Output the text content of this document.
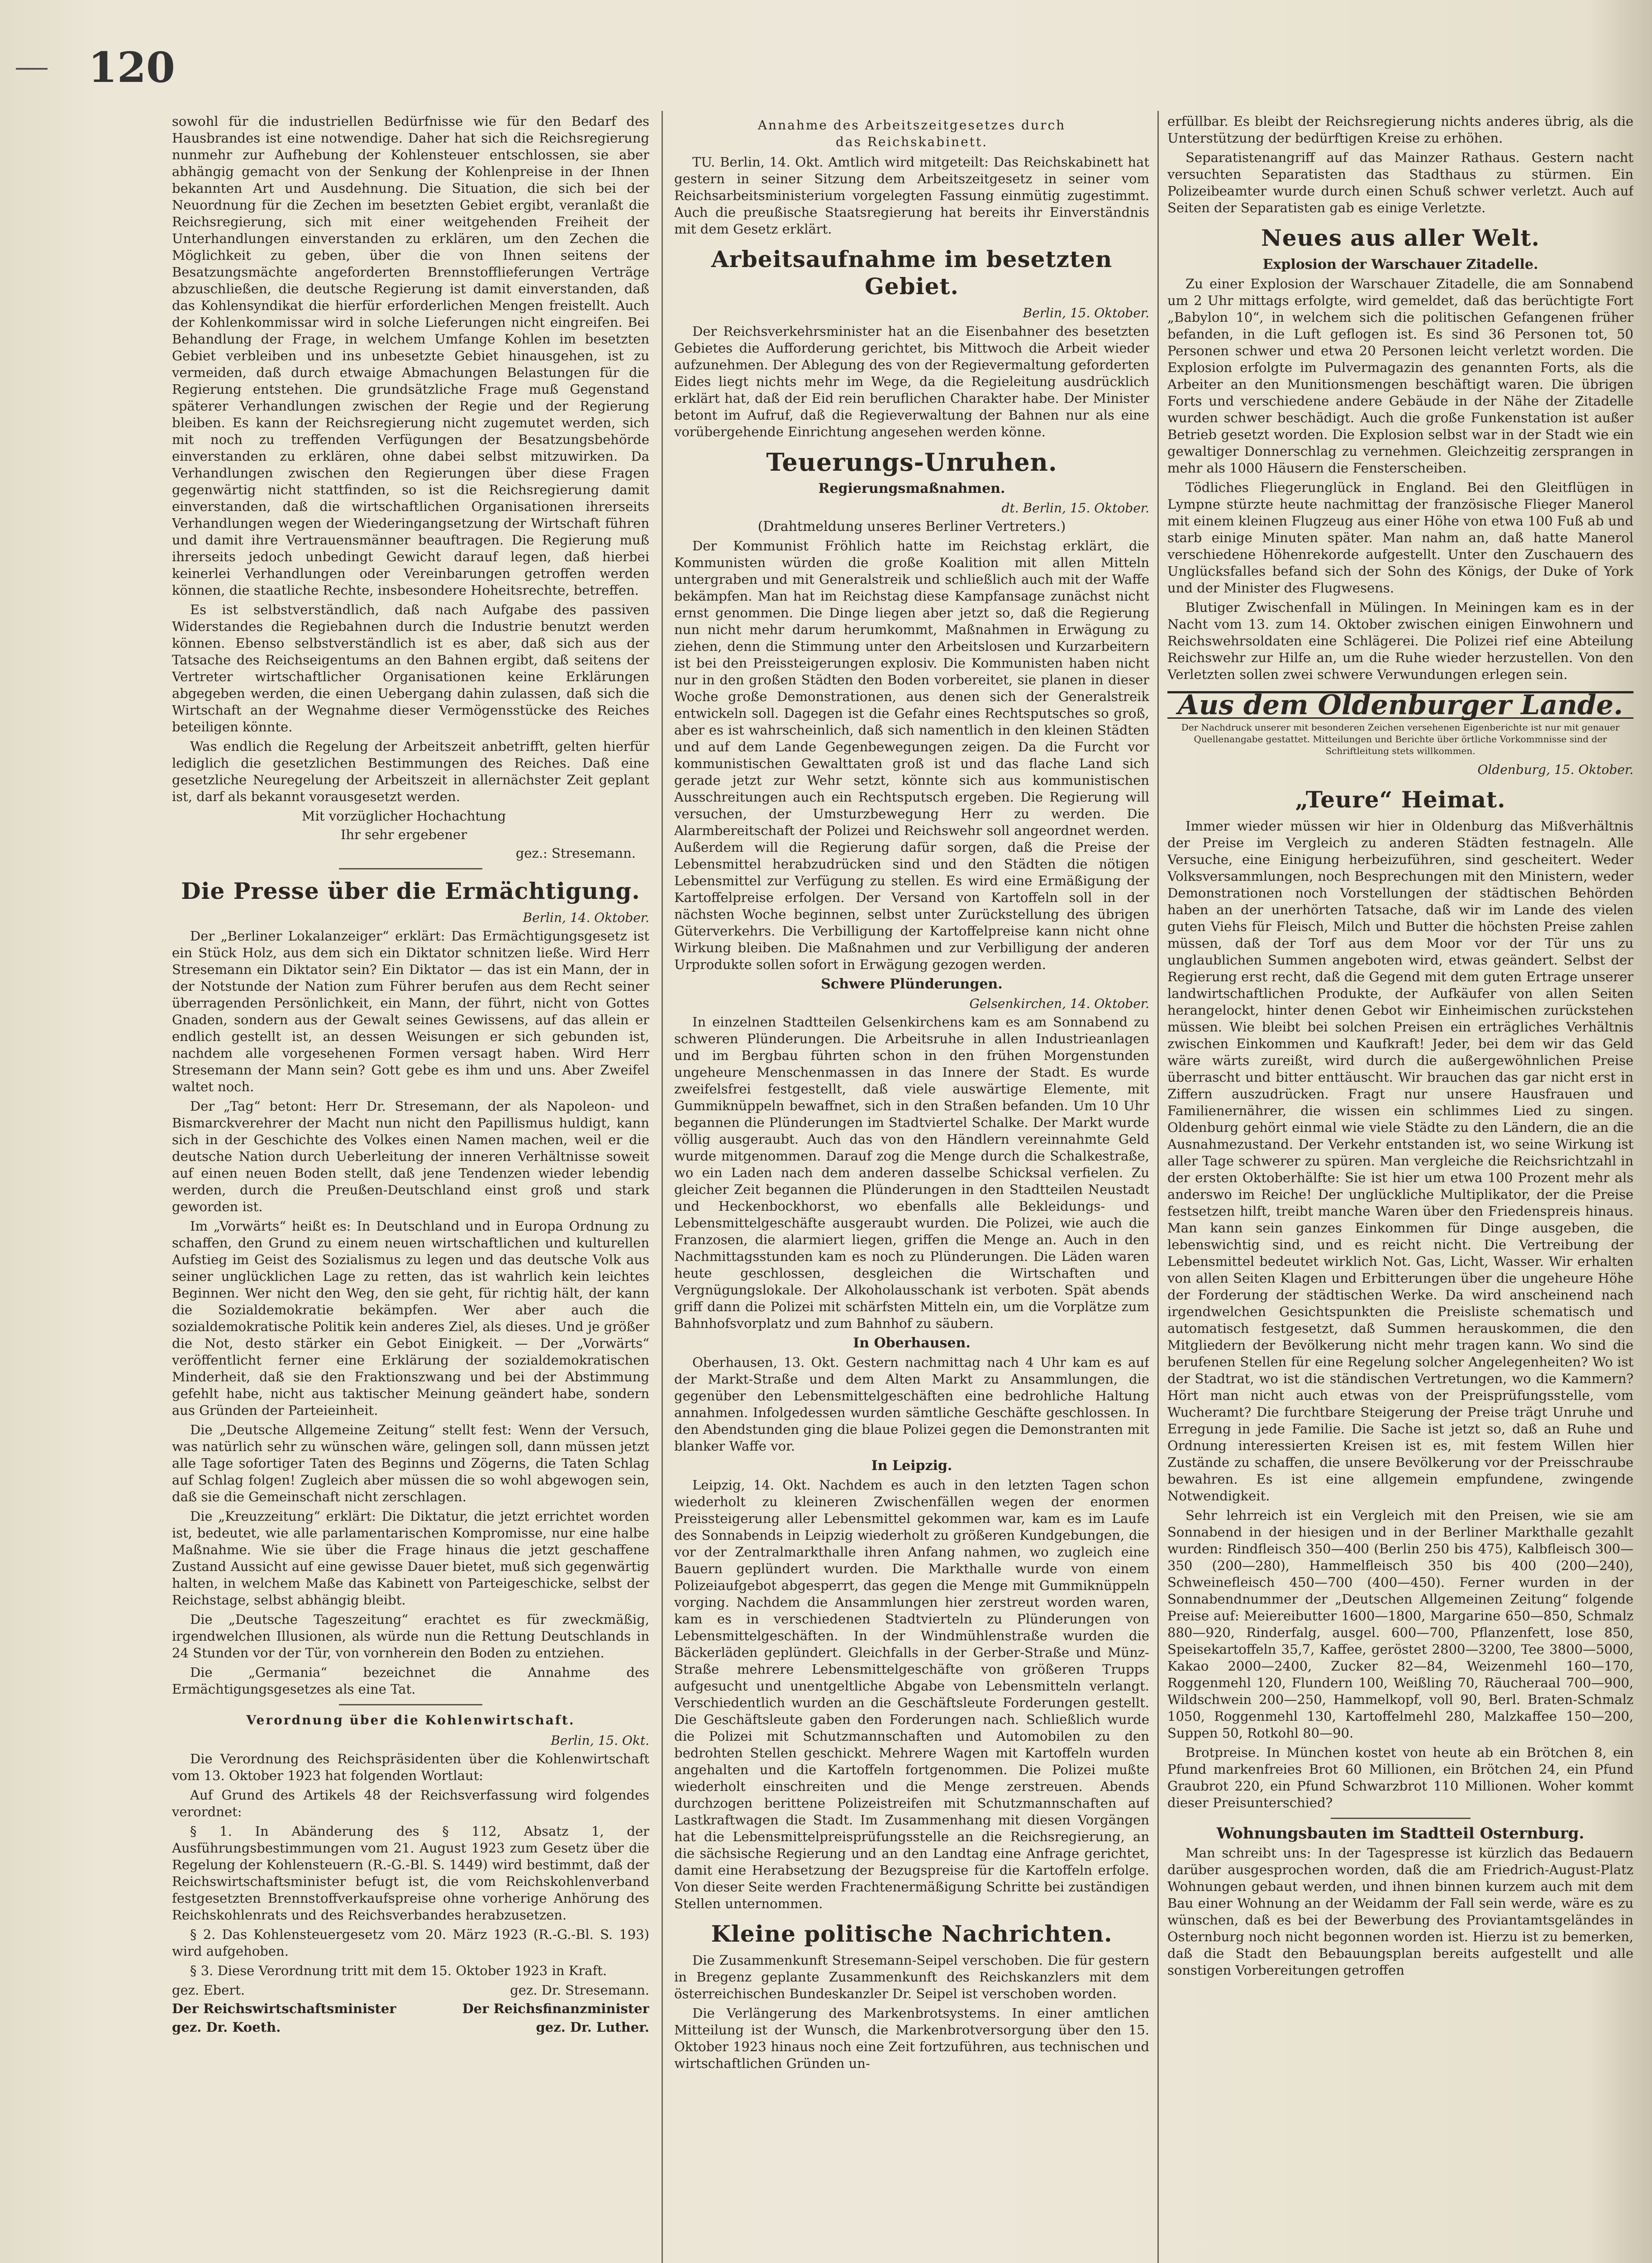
120

sowohl für die industriellen Bedürfnisse wie für den Bedarf des Hausbrandes ist eine notwendige. Daher hat sich die Reichsregierung nunmehr zur Aufhebung der Kohlensteuer entschlossen, sie aber abhängig gemacht von der Senkung der Kohlenpreise in der Ihnen bekannten Art und Ausdehnung. Die Situation, die sich bei der Neuordnung für die Zechen im besetzten Gebiet ergibt, veranlaßt die Reichsregierung, sich mit einer weitgehenden Freiheit der Unterhandlungen einverstanden zu erklären, um den Zechen die Möglichkeit zu geben, über die von Ihnen seitens der Besatzungsmächte angeforderten Brennstofflieferungen Verträge abzuschließen, die deutsche Regierung ist damit einverstanden, daß das Kohlensyndikat die hierfür erforderlichen Mengen freistellt. Auch der Kohlenkommissar wird in solche Lieferungen nicht eingreifen. Bei Behandlung der Frage, in welchem Umfange Kohlen im besetzten Gebiet verbleiben und ins unbesetzte Gebiet hinausgehen, ist zu vermeiden, daß durch etwaige Abmachungen Belastungen für die Regierung entstehen. Die grundsätzliche Frage muß Gegenstand späterer Verhandlungen zwischen der Regie und der Regierung bleiben. Es kann der Reichsregierung nicht zugemutet werden, sich mit noch zu treffenden Verfügungen der Besatzungsbehörde einverstanden zu erklären, ohne dabei selbst mitzuwirken. Da Verhandlungen zwischen den Regierungen über diese Fragen gegenwärtig nicht stattfinden, so ist die Reichsregierung damit einverstanden, daß die wirtschaftlichen Organisationen ihrerseits Verhandlungen wegen der Wiederingangsetzung der Wirtschaft führen und damit ihre Vertrauensmänner beauftragen. Die Regierung muß ihrerseits jedoch unbedingt Gewicht darauf legen, daß hierbei keinerlei Verhandlungen oder Vereinbarungen getroffen werden können, die staatliche Rechte, insbesondere Hoheitsrechte, betreffen.

Es ist selbstverständlich, daß nach Aufgabe des passiven Widerstandes die Regiebahnen durch die Industrie benutzt werden können. Ebenso selbstverständlich ist es aber, daß sich aus der Tatsache des Reichseigentums an den Bahnen ergibt, daß seitens der Vertreter wirtschaftlicher Organisationen keine Erklärungen abgegeben werden, die einen Uebergang dahin zulassen, daß sich die Wirtschaft an der Wegnahme dieser Vermögensstücke des Reiches beteiligen könnte.

Was endlich die Regelung der Arbeitszeit anbetrifft, gelten hierfür lediglich die gesetzlichen Bestimmungen des Reiches. Daß eine gesetzliche Neuregelung der Arbeitszeit in allernächster Zeit geplant ist, darf als bekannt vorausgesetzt werden.

Mit vorzüglicher Hochachtung
Ihr sehr ergebener
gez.: Stresemann.
Die Presse über die Ermächtigung.
Berlin, 14. Oktober.

Der „Berliner Lokalanzeiger“ erklärt: Das Ermächtigungsgesetz ist ein Stück Holz, aus dem sich ein Diktator schnitzen ließe. Wird Herr Stresemann ein Diktator sein? Ein Diktator — das ist ein Mann, der in der Notstunde der Nation zum Führer berufen aus dem Recht seiner überragenden Persönlichkeit, ein Mann, der führt, nicht von Gottes Gnaden, sondern aus der Gewalt seines Gewissens, auf das allein er endlich gestellt ist, an dessen Weisungen er sich gebunden ist, nachdem alle vorgesehenen Formen versagt haben. Wird Herr Stresemann der Mann sein? Gott gebe es ihm und uns. Aber Zweifel waltet noch.

Der „Tag“ betont: Herr Dr. Stresemann, der als Napoleon- und Bismarckverehrer der Macht nun nicht den Papillismus huldigt, kann sich in der Geschichte des Volkes einen Namen machen, weil er die deutsche Nation durch Ueberleitung der inneren Verhältnisse soweit auf einen neuen Boden stellt, daß jene Tendenzen wieder lebendig werden, durch die Preußen-Deutschland einst groß und stark geworden ist.

Im „Vorwärts“ heißt es: In Deutschland und in Europa Ordnung zu schaffen, den Grund zu einem neuen wirtschaftlichen und kulturellen Aufstieg im Geist des Sozialismus zu legen und das deutsche Volk aus seiner unglücklichen Lage zu retten, das ist wahrlich kein leichtes Beginnen. Wer nicht den Weg, den sie geht, für richtig hält, der kann die Sozialdemokratie bekämpfen. Wer aber auch die sozialdemokratische Politik kein anderes Ziel, als dieses. Und je größer die Not, desto stärker ein Gebot Einigkeit. — Der „Vorwärts“ veröffentlicht ferner eine Erklärung der sozialdemokratischen Minderheit, daß sie den Fraktionszwang und bei der Abstimmung gefehlt habe, nicht aus taktischer Meinung geändert habe, sondern aus Gründen der Parteieinheit.

Die „Deutsche Allgemeine Zeitung“ stellt fest: Wenn der Versuch, was natürlich sehr zu wünschen wäre, gelingen soll, dann müssen jetzt alle Tage sofortiger Taten des Beginns und Zögerns, die Taten Schlag auf Schlag folgen! Zugleich aber müssen die so wohl abgewogen sein, daß sie die Gemeinschaft nicht zerschlagen.

Die „Kreuzzeitung“ erklärt: Die Diktatur, die jetzt errichtet worden ist, bedeutet, wie alle parlamentarischen Kompromisse, nur eine halbe Maßnahme. Wie sie über die Frage hinaus die jetzt geschaffene Zustand Aussicht auf eine gewisse Dauer bietet, muß sich gegenwärtig halten, in welchem Maße das Kabinett von Parteigeschicke, selbst der Reichstage, selbst abhängig bleibt.

Die „Deutsche Tageszeitung“ erachtet es für zweckmäßig, irgendwelchen Illusionen, als würde nun die Rettung Deutschlands in 24 Stunden vor der Tür, von vornherein den Boden zu entziehen.

Die „Germania“ bezeichnet die Annahme des Ermächtigungsgesetzes als eine Tat.

Verordnung über die Kohlenwirtschaft.
Berlin, 15. Okt.

Die Verordnung des Reichspräsidenten über die Kohlenwirtschaft vom 13. Oktober 1923 hat folgenden Wortlaut:

Auf Grund des Artikels 48 der Reichsverfassung wird folgendes verordnet:

§ 1. In Abänderung des § 112, Absatz 1, der Ausführungsbestimmungen vom 21. August 1923 zum Gesetz über die Regelung der Kohlensteuern (R.-G.-Bl. S. 1449) wird bestimmt, daß der Reichswirtschaftsminister befugt ist, die vom Reichskohlenverband festgesetzten Brennstoffverkaufspreise ohne vorherige Anhörung des Reichskohlenrats und des Reichsverbandes herabzusetzen.

§ 2. Das Kohlensteuergesetz vom 20. März 1923 (R.-G.-Bl. S. 193) wird aufgehoben.

§ 3. Diese Verordnung tritt mit dem 15. Oktober 1923 in Kraft.

gez. Ebert.	gez. Dr. Stresemann.
Der Reichswirtschaftsminister	Der Reichsfinanzminister
gez. Dr. Koeth.	gez. Dr. Luther.
Annahme des Arbeitszeitgesetzes durch
das Reichskabinett.

TU. Berlin, 14. Okt. Amtlich wird mitgeteilt: Das Reichskabinett hat gestern in seiner Sitzung dem Arbeitszeitgesetz in seiner vom Reichsarbeitsministerium vorgelegten Fassung einmütig zugestimmt. Auch die preußische Staatsregierung hat bereits ihr Einverständnis mit dem Gesetz erklärt.

Arbeitsaufnahme im besetzten Gebiet.
Berlin, 15. Oktober.

Der Reichsverkehrsminister hat an die Eisenbahner des besetzten Gebietes die Aufforderung gerichtet, bis Mittwoch die Arbeit wieder aufzunehmen. Der Ablegung des von der Regievermaltung geforderten Eides liegt nichts mehr im Wege, da die Regieleitung ausdrücklich erklärt hat, daß der Eid rein beruflichen Charakter habe. Der Minister betont im Aufruf, daß die Regieverwaltung der Bahnen nur als eine vorübergehende Einrichtung angesehen werden könne.

Teuerungs-Unruhen.
Regierungsmaßnahmen.
dt. Berlin, 15. Oktober.
(Drahtmeldung unseres Berliner Vertreters.)

Der Kommunist Fröhlich hatte im Reichstag erklärt, die Kommunisten würden die große Koalition mit allen Mitteln untergraben und mit Generalstreik und schließlich auch mit der Waffe bekämpfen. Man hat im Reichstag diese Kampfansage zunächst nicht ernst genommen. Die Dinge liegen aber jetzt so, daß die Regierung nun nicht mehr darum herumkommt, Maßnahmen in Erwägung zu ziehen, denn die Stimmung unter den Arbeitslosen und Kurzarbeitern ist bei den Preissteigerungen explosiv. Die Kommunisten haben nicht nur in den großen Städten den Boden vorbereitet, sie planen in dieser Woche große Demonstrationen, aus denen sich der Generalstreik entwickeln soll. Dagegen ist die Gefahr eines Rechtsputsches so groß, aber es ist wahrscheinlich, daß sich namentlich in den kleinen Städten und auf dem Lande Gegenbewegungen zeigen. Da die Furcht vor kommunistischen Gewalttaten groß ist und das flache Land sich gerade jetzt zur Wehr setzt, könnte sich aus kommunistischen Ausschreitungen auch ein Rechtsputsch ergeben. Die Regierung will versuchen, der Umsturzbewegung Herr zu werden. Die Alarmbereitschaft der Polizei und Reichswehr soll angeordnet werden. Außerdem will die Regierung dafür sorgen, daß die Preise der Lebensmittel herabzudrücken sind und den Städten die nötigen Lebensmittel zur Verfügung zu stellen. Es wird eine Ermäßigung der Kartoffelpreise erfolgen. Der Versand von Kartoffeln soll in der nächsten Woche beginnen, selbst unter Zurückstellung des übrigen Güterverkehrs. Die Verbilligung der Kartoffelpreise kann nicht ohne Wirkung bleiben. Die Maßnahmen und zur Verbilligung der anderen Urprodukte sollen sofort in Erwägung gezogen werden.

Schwere Plünderungen.
Gelsenkirchen, 14. Oktober.

In einzelnen Stadtteilen Gelsenkirchens kam es am Sonnabend zu schweren Plünderungen. Die Arbeitsruhe in allen Industrieanlagen und im Bergbau führten schon in den frühen Morgenstunden ungeheure Menschenmassen in das Innere der Stadt. Es wurde zweifelsfrei festgestellt, daß viele auswärtige Elemente, mit Gummiknüppeln bewaffnet, sich in den Straßen befanden. Um 10 Uhr begannen die Plünderungen im Stadtviertel Schalke. Der Markt wurde völlig ausgeraubt. Auch das von den Händlern vereinnahmte Geld wurde mitgenommen. Darauf zog die Menge durch die Schalkestraße, wo ein Laden nach dem anderen dasselbe Schicksal verfielen. Zu gleicher Zeit begannen die Plünderungen in den Stadtteilen Neustadt und Heckenbockhorst, wo ebenfalls alle Bekleidungs- und Lebensmittelgeschäfte ausgeraubt wurden. Die Polizei, wie auch die Franzosen, die alarmiert liegen, griffen die Menge an. Auch in den Nachmittagsstunden kam es noch zu Plünderungen. Die Läden waren heute geschlossen, desgleichen die Wirtschaften und Vergnügungslokale. Der Alkoholausschank ist verboten. Spät abends griff dann die Polizei mit schärfsten Mitteln ein, um die Vorplätze zum Bahnhofsvorplatz und zum Bahnhof zu säubern.

In Oberhausen.

Oberhausen, 13. Okt. Gestern nachmittag nach 4 Uhr kam es auf der Markt-Straße und dem Alten Markt zu Ansammlungen, die gegenüber den Lebensmittelgeschäften eine bedrohliche Haltung annahmen. Infolgedessen wurden sämtliche Geschäfte geschlossen. In den Abendstunden ging die blaue Polizei gegen die Demonstranten mit blanker Waffe vor.

In Leipzig.

Leipzig, 14. Okt. Nachdem es auch in den letzten Tagen schon wiederholt zu kleineren Zwischenfällen wegen der enormen Preissteigerung aller Lebensmittel gekommen war, kam es im Laufe des Sonnabends in Leipzig wiederholt zu größeren Kundgebungen, die vor der Zentralmarkthalle ihren Anfang nahmen, wo zugleich eine Bauern geplündert wurden. Die Markthalle wurde von einem Polizeiaufgebot abgesperrt, das gegen die Menge mit Gummiknüppeln vorging. Nachdem die Ansammlungen hier zerstreut worden waren, kam es in verschiedenen Stadtvierteln zu Plünderungen von Lebensmittelgeschäften. In der Windmühlenstraße wurden die Bäckerläden geplündert. Gleichfalls in der Gerber-Straße und Münz-Straße mehrere Lebensmittelgeschäfte von größeren Trupps aufgesucht und unentgeltliche Abgabe von Lebensmitteln verlangt. Verschiedentlich wurden an die Geschäftsleute Forderungen gestellt. Die Geschäftsleute gaben den Forderungen nach. Schließlich wurde die Polizei mit Schutzmannschaften und Automobilen zu den bedrohten Stellen geschickt. Mehrere Wagen mit Kartoffeln wurden angehalten und die Kartoffeln fortgenommen. Die Polizei mußte wiederholt einschreiten und die Menge zerstreuen. Abends durchzogen berittene Polizeistreifen mit Schutzmannschaften auf Lastkraftwagen die Stadt. Im Zusammenhang mit diesen Vorgängen hat die Lebensmittelpreisprüfungsstelle an die Reichsregierung, an die sächsische Regierung und an den Landtag eine Anfrage gerichtet, damit eine Herabsetzung der Bezugspreise für die Kartoffeln erfolge. Von dieser Seite werden Frachtenermäßigung Schritte bei zuständigen Stellen unternommen.

Kleine politische Nachrichten.

Die Zusammenkunft Stresemann-Seipel verschoben. Die für gestern in Bregenz geplante Zusammenkunft des Reichskanzlers mit dem österreichischen Bundeskanzler Dr. Seipel ist verschoben worden.

Die Verlängerung des Markenbrotsystems. In einer amtlichen Mitteilung ist der Wunsch, die Markenbrotversorgung über den 15. Oktober 1923 hinaus noch eine Zeit fortzuführen, aus technischen und wirtschaftlichen Gründen un-

erfüllbar. Es bleibt der Reichsregierung nichts anderes übrig, als die Unterstützung der bedürftigen Kreise zu erhöhen.

Separatistenangriff auf das Mainzer Rathaus. Gestern nacht versuchten Separatisten das Stadthaus zu stürmen. Ein Polizeibeamter wurde durch einen Schuß schwer verletzt. Auch auf Seiten der Separatisten gab es einige Verletzte.

Neues aus aller Welt.
Explosion der Warschauer Zitadelle.

Zu einer Explosion der Warschauer Zitadelle, die am Sonnabend um 2 Uhr mittags erfolgte, wird gemeldet, daß das berüchtigte Fort „Babylon 10“, in welchem sich die politischen Gefangenen früher befanden, in die Luft geflogen ist. Es sind 36 Personen tot, 50 Personen schwer und etwa 20 Personen leicht verletzt worden. Die Explosion erfolgte im Pulvermagazin des genannten Forts, als die Arbeiter an den Munitionsmengen beschäftigt waren. Die übrigen Forts und verschiedene andere Gebäude in der Nähe der Zitadelle wurden schwer beschädigt. Auch die große Funkenstation ist außer Betrieb gesetzt worden. Die Explosion selbst war in der Stadt wie ein gewaltiger Donnerschlag zu vernehmen. Gleichzeitig zersprangen in mehr als 1000 Häusern die Fensterscheiben.

Tödliches Fliegerunglück in England. Bei den Gleitflügen in Lympne stürzte heute nachmittag der französische Flieger Manerol mit einem kleinen Flugzeug aus einer Höhe von etwa 100 Fuß ab und starb einige Minuten später. Man nahm an, daß hatte Manerol verschiedene Höhenrekorde aufgestellt. Unter den Zuschauern des Unglücksfalles befand sich der Sohn des Königs, der Duke of York und der Minister des Flugwesens.

Blutiger Zwischenfall in Mülingen. In Meiningen kam es in der Nacht vom 13. zum 14. Oktober zwischen einigen Einwohnern und Reichswehrsoldaten eine Schlägerei. Die Polizei rief eine Abteilung Reichswehr zur Hilfe an, um die Ruhe wieder herzustellen. Von den Verletzten sollen zwei schwere Verwundungen erlegen sein.

Aus dem Oldenburger Lande.
Der Nachdruck unserer mit besonderen Zeichen versehenen Eigenberichte ist nur mit genauer Quellenangabe gestattet. Mitteilungen und Berichte über örtliche Vorkommnisse sind der Schriftleitung stets willkommen.
Oldenburg, 15. Oktober.
„Teure“ Heimat.

Immer wieder müssen wir hier in Oldenburg das Mißverhältnis der Preise im Vergleich zu anderen Städten festnageln. Alle Versuche, eine Einigung herbeizuführen, sind gescheitert. Weder Volksversammlungen, noch Besprechungen mit den Ministern, weder Demonstrationen noch Vorstellungen der städtischen Behörden haben an der unerhörten Tatsache, daß wir im Lande des vielen guten Viehs für Fleisch, Milch und Butter die höchsten Preise zahlen müssen, daß der Torf aus dem Moor vor der Tür uns zu unglaublichen Summen angeboten wird, etwas geändert. Selbst der Regierung erst recht, daß die Gegend mit dem guten Ertrage unserer landwirtschaftlichen Produkte, der Aufkäufer von allen Seiten herangelockt, hinter denen Gebot wir Einheimischen zurückstehen müssen. Wie bleibt bei solchen Preisen ein erträgliches Verhältnis zwischen Einkommen und Kaufkraft! Jeder, bei dem wir das Geld wäre wärts zureißt, wird durch die außergewöhnlichen Preise überrascht und bitter enttäuscht. Wir brauchen das gar nicht erst in Ziffern auszudrücken. Fragt nur unsere Hausfrauen und Familienernährer, die wissen ein schlimmes Lied zu singen. Oldenburg gehört einmal wie viele Städte zu den Ländern, die an die Ausnahmezustand. Der Verkehr entstanden ist, wo seine Wirkung ist aller Tage schwerer zu spüren. Man vergleiche die Reichsrichtzahl in der ersten Oktoberhälfte: Sie ist hier um etwa 100 Prozent mehr als anderswo im Reiche! Der unglückliche Multiplikator, der die Preise festsetzen hilft, treibt manche Waren über den Friedenspreis hinaus. Man kann sein ganzes Einkommen für Dinge ausgeben, die lebenswichtig sind, und es reicht nicht. Die Vertreibung der Lebensmittel bedeutet wirklich Not. Gas, Licht, Wasser. Wir erhalten von allen Seiten Klagen und Erbitterungen über die ungeheure Höhe der Forderung der städtischen Werke. Da wird anscheinend nach irgendwelchen Gesichtspunkten die Preisliste schematisch und automatisch festgesetzt, daß Summen herauskommen, die den Mitgliedern der Bevölkerung nicht mehr tragen kann. Wo sind die berufenen Stellen für eine Regelung solcher Angelegenheiten? Wo ist der Stadtrat, wo ist die ständischen Vertretungen, wo die Kammern? Hört man nicht auch etwas von der Preisprüfungsstelle, vom Wucheramt? Die furchtbare Steigerung der Preise trägt Unruhe und Erregung in jede Familie. Die Sache ist jetzt so, daß an Ruhe und Ordnung interessierten Kreisen ist es, mit festem Willen hier Zustände zu schaffen, die unsere Bevölkerung vor der Preisschraube bewahren. Es ist eine allgemein empfundene, zwingende Notwendigkeit.

Sehr lehrreich ist ein Vergleich mit den Preisen, wie sie am Sonnabend in der hiesigen und in der Berliner Markthalle gezahlt wurden: Rindfleisch 350—400 (Berlin 250 bis 475), Kalbfleisch 300—350 (200—280), Hammelfleisch 350 bis 400 (200—240), Schweinefleisch 450—700 (400—450). Ferner wurden in der Sonnabendnummer der „Deutschen Allgemeinen Zeitung“ folgende Preise auf: Meiereibutter 1600—1800, Margarine 650—850, Schmalz 880—920, Rinderfalg, ausgel. 600—700, Pflanzenfett, lose 850, Speisekartoffeln 35,7, Kaffee, geröstet 2800—3200, Tee 3800—5000, Kakao 2000—2400, Zucker 82—84, Weizenmehl 160—170, Roggenmehl 120, Flundern 100, Weißling 70, Räucheraal 700—900, Wildschwein 200—250, Hammelkopf, voll 90, Berl. Braten-Schmalz 1050, Roggenmehl 130, Kartoffelmehl 280, Malzkaffee 150—200, Suppen 50, Rotkohl 80—90.

Brotpreise. In München kostet von heute ab ein Brötchen 8, ein Pfund markenfreies Brot 60 Millionen, ein Brötchen 24, ein Pfund Graubrot 220, ein Pfund Schwarzbrot 110 Millionen. Woher kommt dieser Preisunterschied?

Wohnungsbauten im Stadtteil Osternburg.

Man schreibt uns: In der Tagespresse ist kürzlich das Bedauern darüber ausgesprochen worden, daß die am Friedrich-August-Platz Wohnungen gebaut werden, und ihnen binnen kurzem auch mit dem Bau einer Wohnung an der Weidamm der Fall sein werde, wäre es zu wünschen, daß es bei der Bewerbung des Proviantamtsgeländes in Osternburg noch nicht begonnen worden ist. Hierzu ist zu bemerken, daß die Stadt den Bebauungsplan bereits aufgestellt und alle sonstigen Vorbereitungen getroffen
